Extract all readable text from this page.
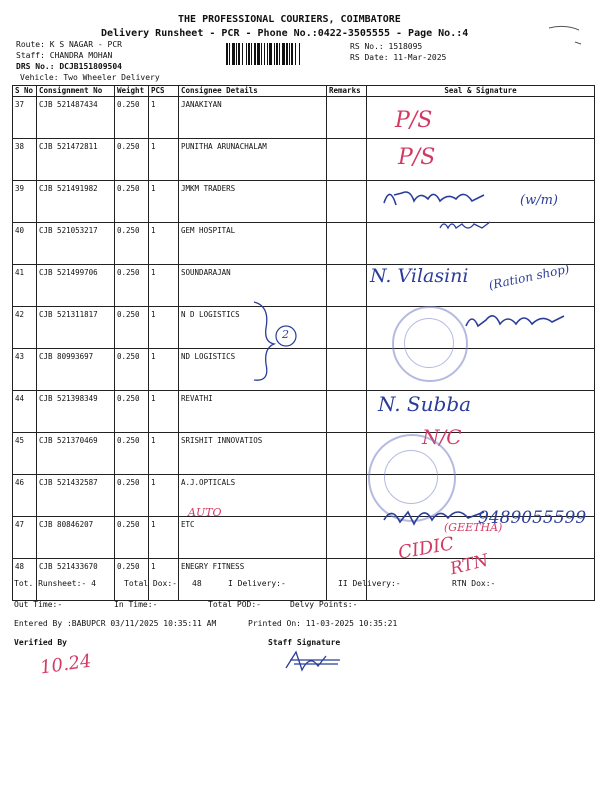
THE PROFESSIONAL COURIERS, COIMBATORE
Delivery Runsheet - PCR - Phone No.:0422-3505555 - Page No.:4
Route: K S NAGAR - PCR
Staff: CHANDRA MOHAN
DRS No.: DCJB151809504
Vehicle: Two Wheeler Delivery
RS No.: 1518095
RS Date: 11-Mar-2025
S No	Consignment No	Weight	PCS	Consignee Details	Remarks	Seal & Signature
37	CJB 521487434	0.250	1	JANAKIYAN		
38	CJB 521472811	0.250	1	PUNITHA ARUNACHALAM		
39	CJB 521491982	0.250	1	JMKM TRADERS		
40	CJB 521053217	0.250	1	GEM HOSPITAL		
41	CJB 521499706	0.250	1	SOUNDARAJAN		
42	CJB 521311817	0.250	1	N D LOGISTICS		
43	CJB 80993697	0.250	1	ND LOGISTICS		
44	CJB 521398349	0.250	1	REVATHI		
45	CJB 521370469	0.250	1	SRISHIT INNOVATIOS		
46	CJB 521432587	0.250	1	A.J.OPTICALS		
47	CJB 80846207	0.250	1	ETC		
48	CJB 521433670	0.250	1	ENEGRY FITNESS		
P/S
P/S
(w/m)
N. Vilasini (Ration shop)
2
N. Subba
N/C
AUTO	9489055599
(GEETHA)
CIDIC
RTN
Tot. Runsheet:- 4	Total Dox:- 48	I Delivery:-	II Delivery:-	RTN Dox:-
Out Time:-	In Time:-	Total POD:-	Delvy Points:-
Entered By :BABUPCR 03/11/2025 10:35:11 AM	Printed On: 11-03-2025 10:35:21
Verified By	Staff Signature
10.24
